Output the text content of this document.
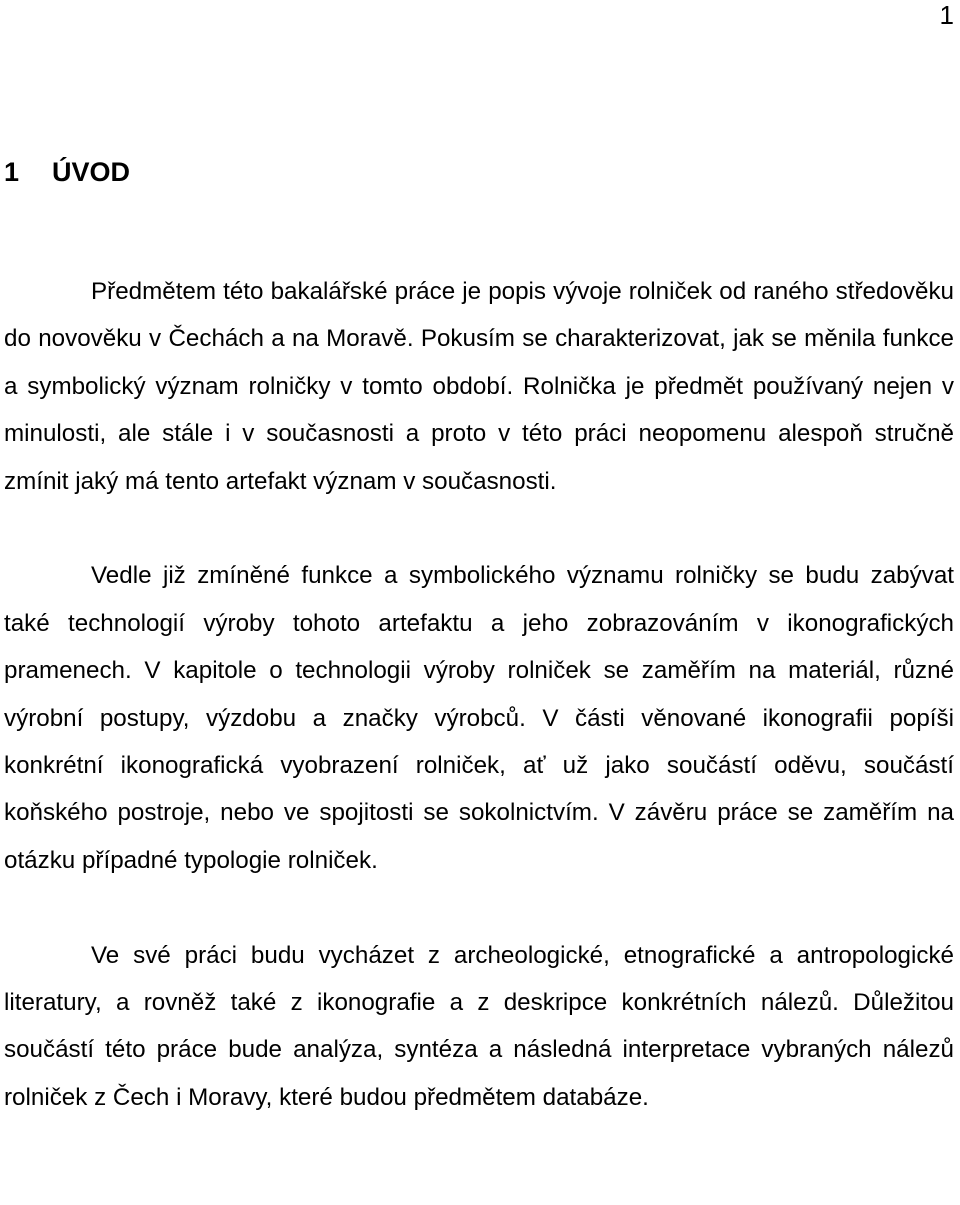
1
1 ÚVOD

Předmětem této bakalářské práce je popis vývoje rolniček od raného středověku do novověku v Čechách a na Moravě. Pokusím se charakterizovat, jak se měnila funkce a symbolický význam rolničky v tomto období. Rolnička je předmět používaný nejen v minulosti, ale stále i v současnosti a proto v této práci neopomenu alespoň stručně zmínit jaký má tento artefakt význam v současnosti.

Vedle již zmíněné funkce a symbolického významu rolničky se budu zabývat také technologií výroby tohoto artefaktu a jeho zobrazováním v ikonografických pramenech. V kapitole o technologii výroby rolniček se zaměřím na materiál, různé výrobní postupy, výzdobu a značky výrobců. V části věnované ikonografii popíši konkrétní ikonografická vyobrazení rolniček, ať už jako součástí oděvu, součástí koňského postroje, nebo ve spojitosti se sokolnictvím. V závěru práce se zaměřím na otázku případné typologie rolniček.

Ve své práci budu vycházet z archeologické, etnografické a antropologické literatury, a rovněž také z ikonografie a z deskripce konkrétních nálezů. Důležitou součástí této práce bude analýza, syntéza a následná interpretace vybraných nálezů rolniček z Čech i Moravy, které budou předmětem databáze.
